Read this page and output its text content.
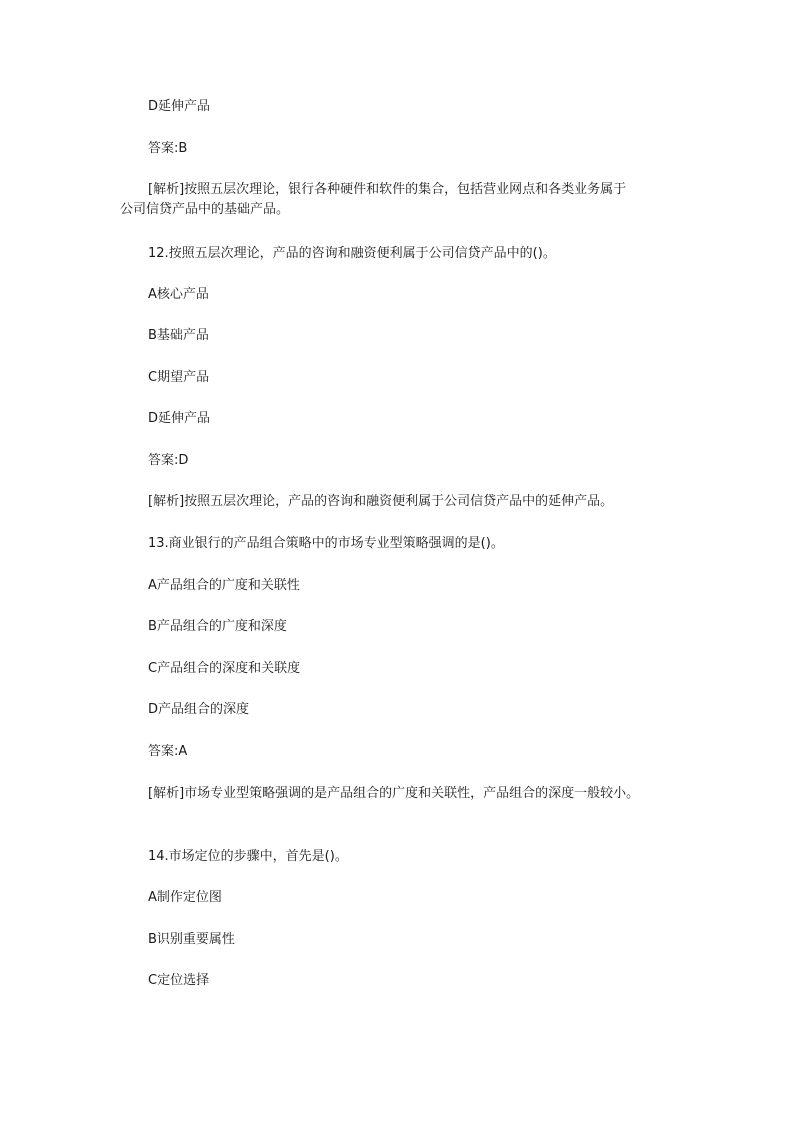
D延伸产品
答案:B
[解析]按照五层次理论，银行各种硬件和软件的集合，包括营业网点和各类业务属于
公司信贷产品中的基础产品。
12.按照五层次理论，产品的咨询和融资便利属于公司信贷产品中的()。
A核心产品
B基础产品
C期望产品
D延伸产品
答案:D
[解析]按照五层次理论，产品的咨询和融资便利属于公司信贷产品中的延伸产品。
13.商业银行的产品组合策略中的市场专业型策略强调的是()。
A产品组合的广度和关联性
B产品组合的广度和深度
C产品组合的深度和关联度
D产品组合的深度
答案:A
[解析]市场专业型策略强调的是产品组合的广度和关联性，产品组合的深度一般较小。
14.市场定位的步骤中，首先是()。
A制作定位图
B识别重要属性
C定位选择
